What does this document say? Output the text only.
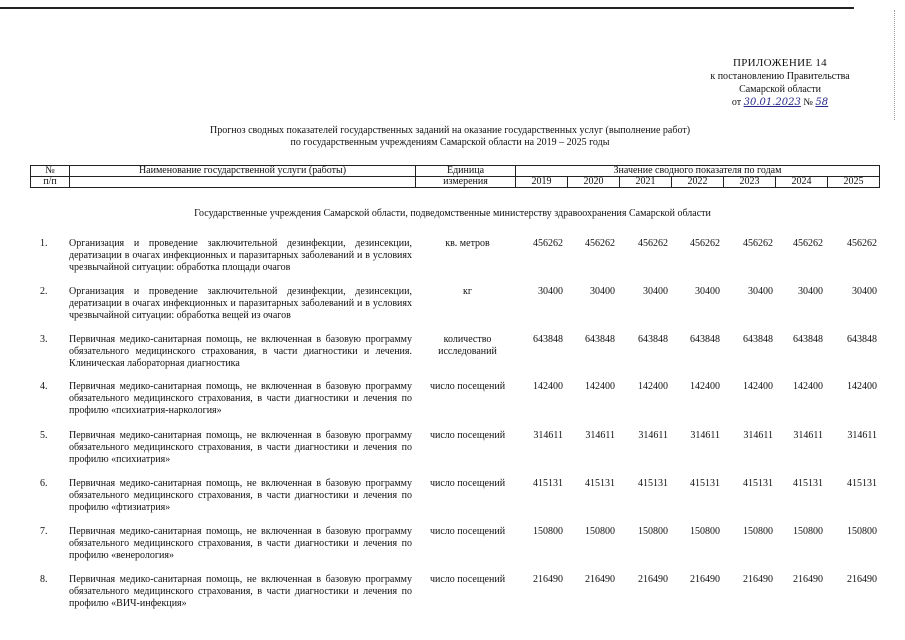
ПРИЛОЖЕНИЕ 14
к постановлению Правительства
Самарской области
от 30.01.2023 № 58
Прогноз сводных показателей государственных заданий на оказание государственных услуг (выполнение работ)
по государственным учреждениям Самарской области на 2019 – 2025 годы
№	Наименование государственной услуги (работы)	Единица	Значение сводного показателя по годам						
п/п		измерения	2019	2020	2021	2022	2023	2024	2025
Государственные учреждения Самарской области, подведомственные министерству здравоохранения Самарской области
1.	Организация и проведение заключительной дезинфекции, дезинсекции, дератизации в очагах инфекционных и паразитарных заболеваний и в условиях чрезвычайной ситуации: обработка площади очагов
кв. метров	456262	456262	456262	456262	456262	456262	456262
2.	Организация и проведение заключительной дезинфекции, дезинсекции, дератизации в очагах инфекционных и паразитарных заболеваний и в условиях чрезвычайной ситуации: обработка вещей из очагов
кг	30400	30400	30400	30400	30400	30400	30400
3.	Первичная медико-санитарная помощь, не включенная в базовую программу обязательного медицинского страхования, в части диагностики и лечения. Клиническая лабораторная диагностика
количество исследований
643848	643848	643848	643848	643848	643848	643848
4.	Первичная медико-санитарная помощь, не включенная в базовую программу обязательного медицинского страхования, в части диагностики и лечения по профилю «психиатрия-наркология»
число посещений	142400	142400	142400	142400	142400	142400	142400
5.	Первичная медико-санитарная помощь, не включенная в базовую программу обязательного медицинского страхования, в части диагностики и лечения по профилю «психиатрия»
число посещений	314611	314611	314611	314611	314611	314611	314611
6.	Первичная медико-санитарная помощь, не включенная в базовую программу обязательного медицинского страхования, в части диагностики и лечения по профилю «фтизиатрия»
число посещений	415131	415131	415131	415131	415131	415131	415131
7.	Первичная медико-санитарная помощь, не включенная в базовую программу обязательного медицинского страхования, в части диагностики и лечения по профилю «венерология»
число посещений	150800	150800	150800	150800	150800	150800	150800
8.	Первичная медико-санитарная помощь, не включенная в базовую программу обязательного медицинского страхования, в части диагностики и лечения по профилю «ВИЧ-инфекция»
число посещений	216490	216490	216490	216490	216490	216490	216490
